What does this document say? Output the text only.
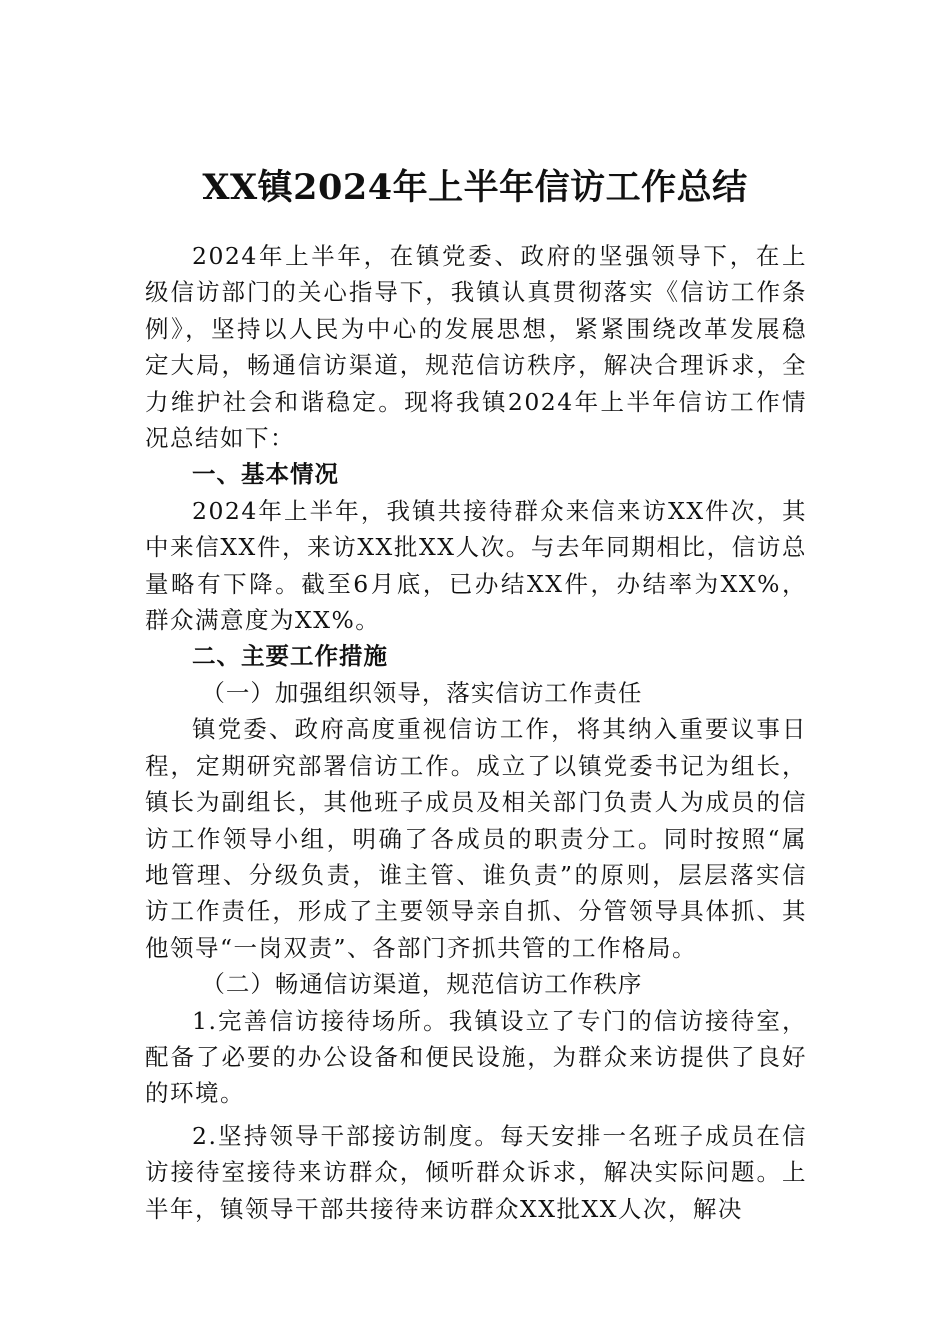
XX镇2024年上半年信访工作总结

2024年上半年，在镇党委、政府的坚强领导下，在上级信访部门的关心指导下，我镇认真贯彻落实《信访工作条例》，坚持以人民为中心的发展思想，紧紧围绕改革发展稳定大局，畅通信访渠道，规范信访秩序，解决合理诉求，全力维护社会和谐稳定。现将我镇2024年上半年信访工作情况总结如下：

一、基本情况

2024年上半年，我镇共接待群众来信来访XX件次，其中来信XX件，来访XX批XX人次。与去年同期相比，信访总量略有下降。截至6月底，已办结XX件，办结率为XX%，群众满意度为XX%。

二、主要工作措施

（一）加强组织领导，落实信访工作责任

镇党委、政府高度重视信访工作，将其纳入重要议事日程，定期研究部署信访工作。成立了以镇党委书记为组长，镇长为副组长，其他班子成员及相关部门负责人为成员的信访工作领导小组，明确了各成员的职责分工。同时按照“属地管理、分级负责，谁主管、谁负责”的原则，层层落实信访工作责任，形成了主要领导亲自抓、分管领导具体抓、其他领导“一岗双责”、各部门齐抓共管的工作格局。

（二）畅通信访渠道，规范信访工作秩序

1.完善信访接待场所。我镇设立了专门的信访接待室，配备了必要的办公设备和便民设施，为群众来访提供了良好的环境。

2.坚持领导干部接访制度。每天安排一名班子成员在信访接待室接待来访群众，倾听群众诉求，解决实际问题。上半年，镇领导干部共接待来访群众XX批XX人次，解决
